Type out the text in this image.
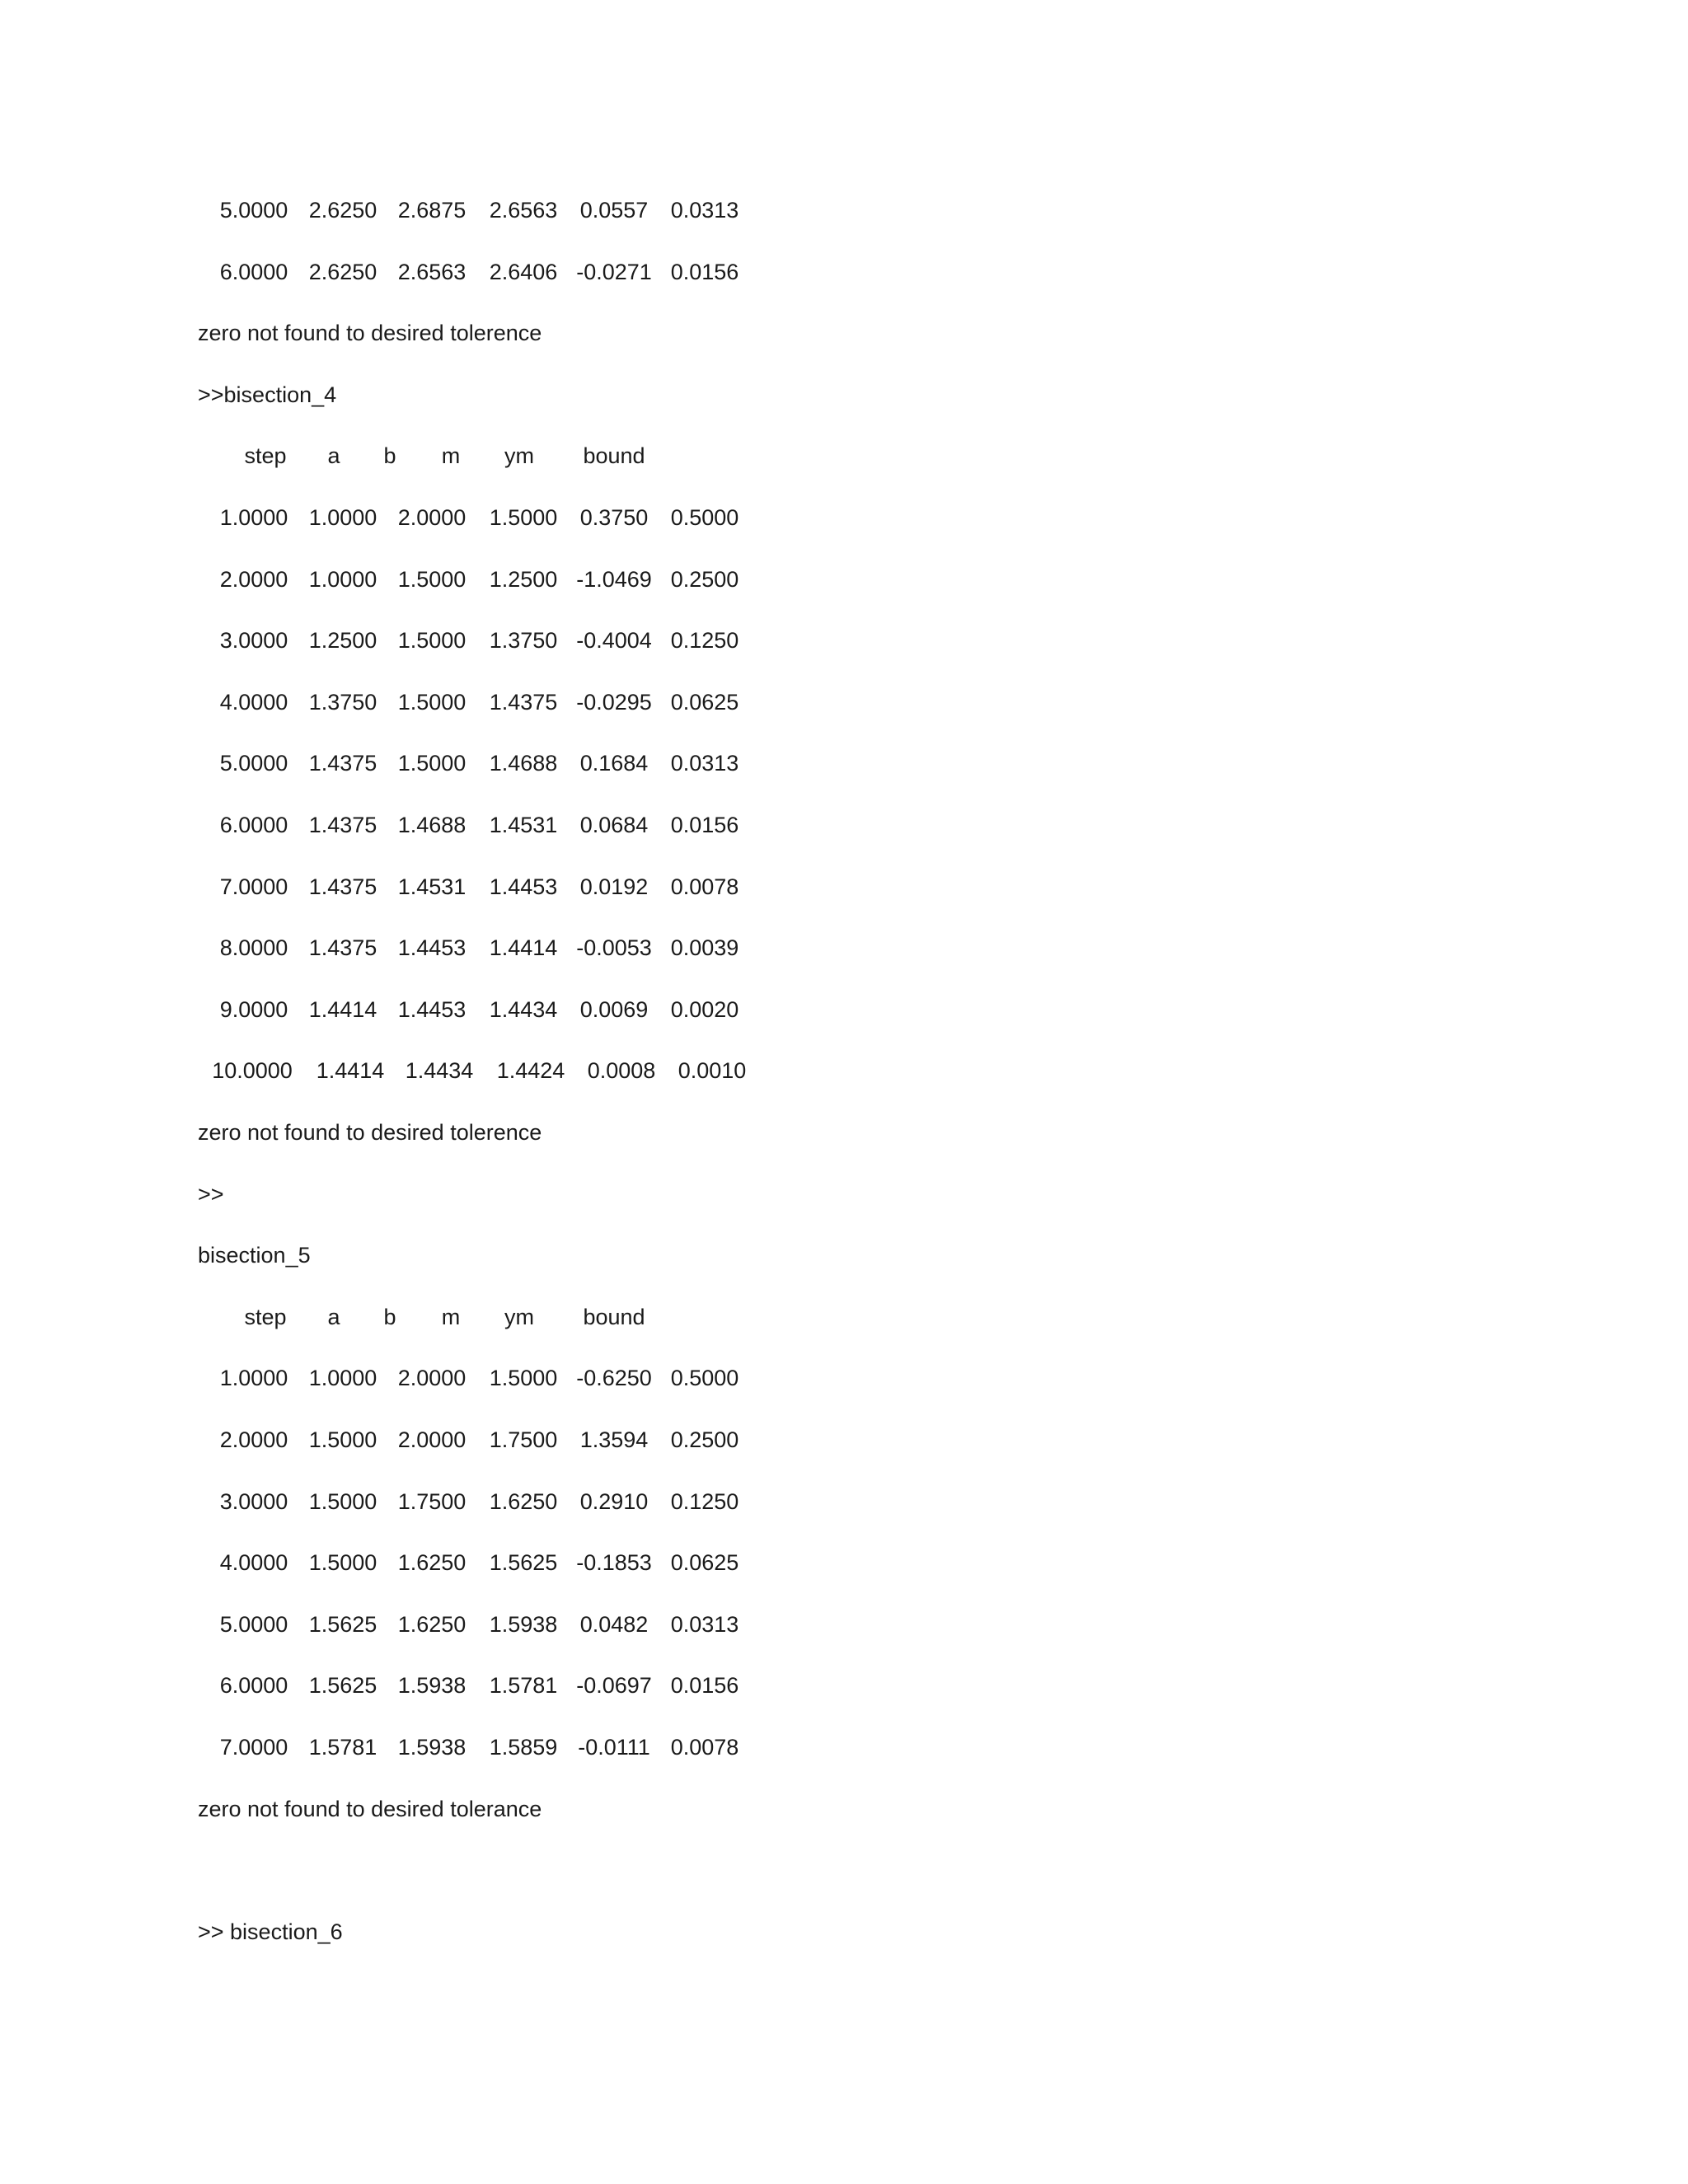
5.0000 2.6250 2.6875	2.6563	0.0557	0.0313
6.0000 2.6250 2.6563	2.6406 -0.0271 0.0156
zero not found to desired tolerence
>>bisection_4
step	a	b	m	ym	bound
1.0000 1.0000 2.0000	1.5000	0.3750	0.5000
2.0000 1.0000 1.5000	1.2500 -1.0469 0.2500
3.0000 1.2500 1.5000	1.3750 -0.4004 0.1250
4.0000 1.3750 1.5000	1.4375 -0.0295 0.0625
5.0000 1.4375 1.5000	1.4688	0.1684	0.0313
6.0000 1.4375 1.4688	1.4531	0.0684	0.0156
7.0000 1.4375 1.4531	1.4453	0.0192	0.0078
8.0000 1.4375 1.4453	1.4414 -0.0053 0.0039
9.0000 1.4414 1.4453	1.4434	0.0069	0.0020
10.0000	1.4414 1.4434	1.4424	0.0008	0.0010
zero not found to desired tolerence
>>
bisection_5
step	a	b	m	ym	bound
1.0000 1.0000 2.0000	1.5000 -0.6250 0.5000
2.0000 1.5000 2.0000	1.7500	1.3594	0.2500
3.0000 1.5000 1.7500	1.6250	0.2910	0.1250
4.0000 1.5000 1.6250	1.5625 -0.1853 0.0625
5.0000 1.5625 1.6250	1.5938	0.0482	0.0313
6.0000 1.5625 1.5938	1.5781 -0.0697 0.0156
7.0000 1.5781 1.5938	1.5859 -0.0111 0.0078
zero not found to desired tolerance
>> bisection_6
